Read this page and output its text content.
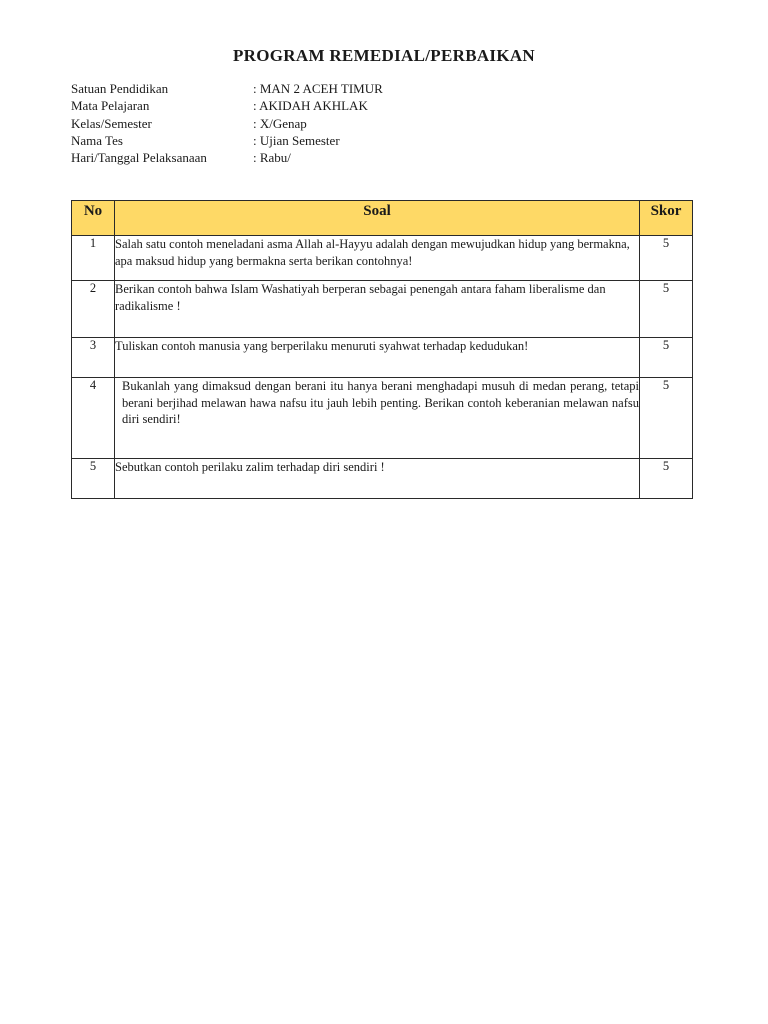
PROGRAM REMEDIAL/PERBAIKAN
Satuan Pendidikan	: MAN 2 ACEH TIMUR
Mata Pelajaran	: AKIDAH AKHLAK
Kelas/Semester	: X/Genap
Nama Tes	: Ujian Semester
Hari/Tanggal Pelaksanaan	: Rabu/
No	Soal	Skor
1	Salah satu contoh meneladani asma Allah al-Hayyu adalah dengan mewujudkan hidup yang bermakna, apa maksud hidup yang bermakna serta berikan contohnya!	5
2	Berikan contoh bahwa Islam Washatiyah berperan sebagai penengah antara faham liberalisme dan radikalisme !	5
3	Tuliskan contoh manusia yang berperilaku menuruti syahwat terhadap kedudukan!	5
4	Bukanlah yang dimaksud dengan berani itu hanya berani menghadapi musuh di medan perang, tetapi berani berjihad melawan hawa nafsu itu jauh lebih penting. Berikan contoh keberanian melawan nafsu diri sendiri!	5
5	Sebutkan contoh perilaku zalim terhadap diri sendiri !	5
